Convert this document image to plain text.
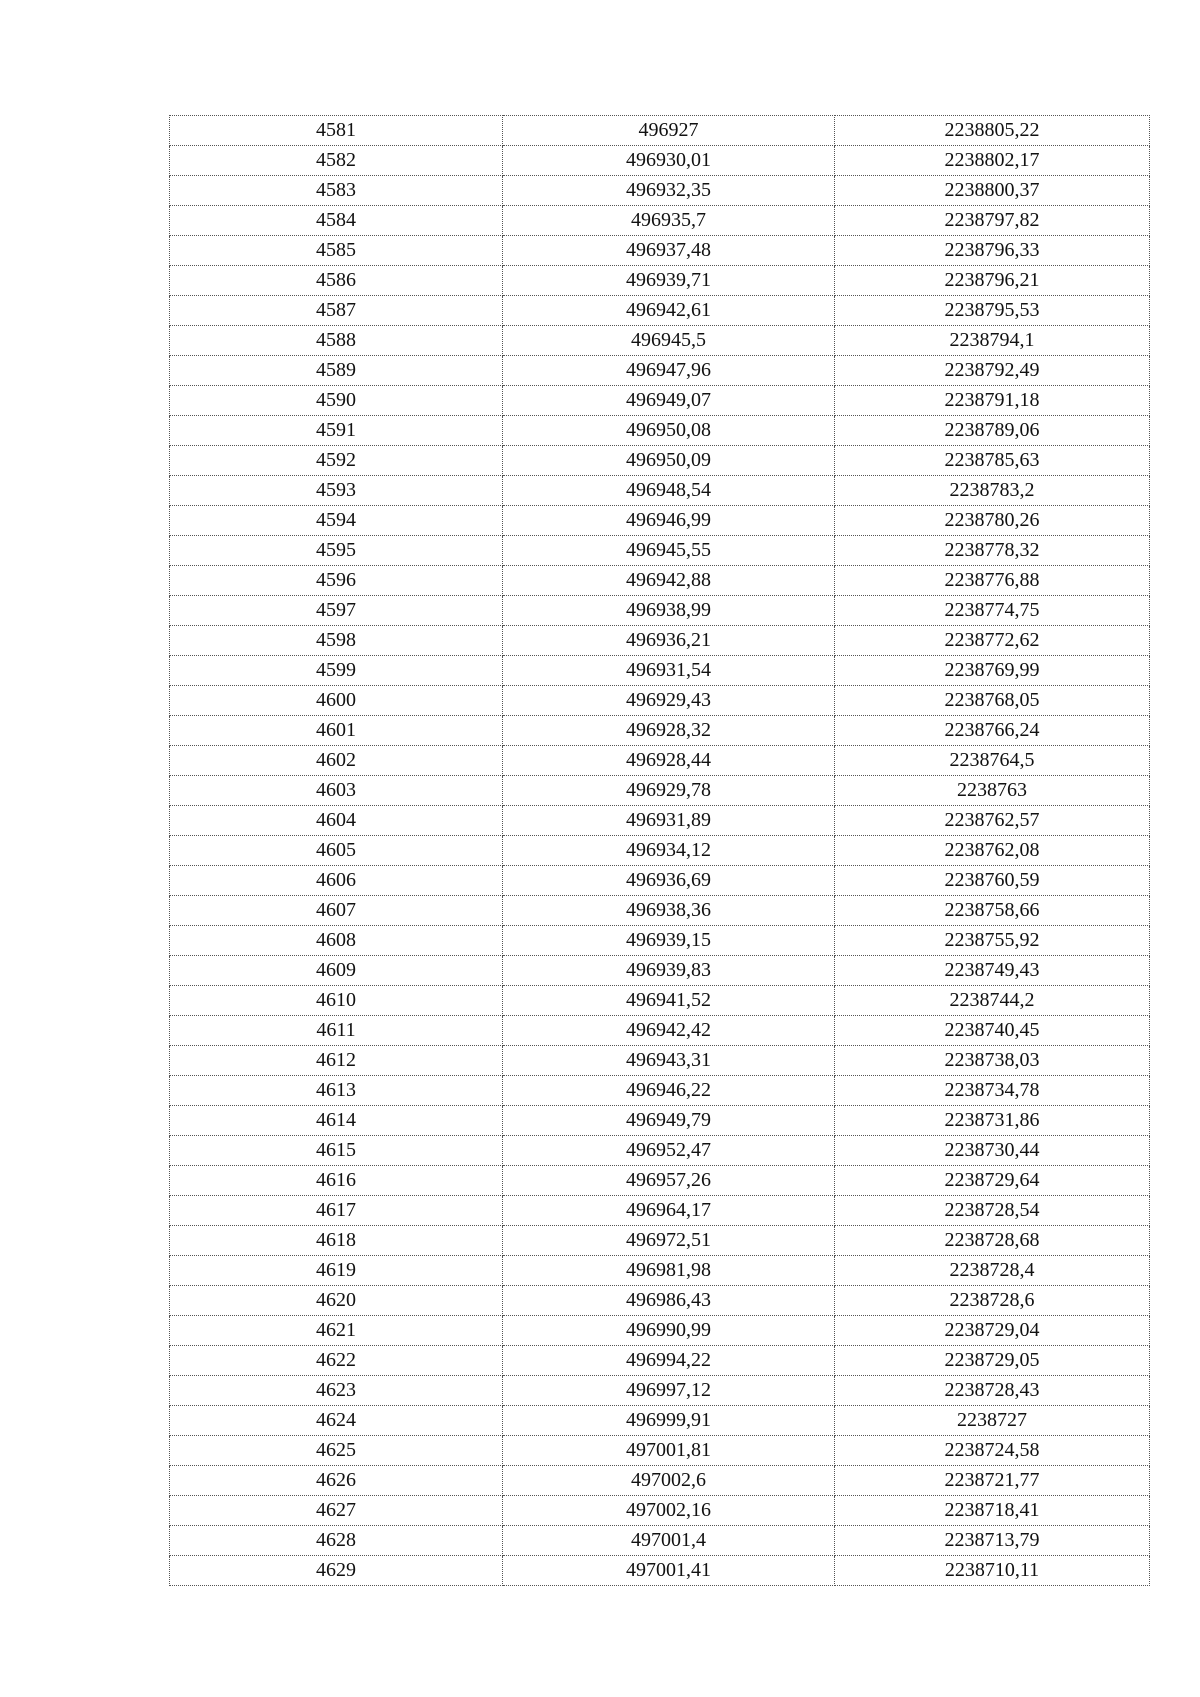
4581	496927	2238805,22
4582	496930,01	2238802,17
4583	496932,35	2238800,37
4584	496935,7	2238797,82
4585	496937,48	2238796,33
4586	496939,71	2238796,21
4587	496942,61	2238795,53
4588	496945,5	2238794,1
4589	496947,96	2238792,49
4590	496949,07	2238791,18
4591	496950,08	2238789,06
4592	496950,09	2238785,63
4593	496948,54	2238783,2
4594	496946,99	2238780,26
4595	496945,55	2238778,32
4596	496942,88	2238776,88
4597	496938,99	2238774,75
4598	496936,21	2238772,62
4599	496931,54	2238769,99
4600	496929,43	2238768,05
4601	496928,32	2238766,24
4602	496928,44	2238764,5
4603	496929,78	2238763
4604	496931,89	2238762,57
4605	496934,12	2238762,08
4606	496936,69	2238760,59
4607	496938,36	2238758,66
4608	496939,15	2238755,92
4609	496939,83	2238749,43
4610	496941,52	2238744,2
4611	496942,42	2238740,45
4612	496943,31	2238738,03
4613	496946,22	2238734,78
4614	496949,79	2238731,86
4615	496952,47	2238730,44
4616	496957,26	2238729,64
4617	496964,17	2238728,54
4618	496972,51	2238728,68
4619	496981,98	2238728,4
4620	496986,43	2238728,6
4621	496990,99	2238729,04
4622	496994,22	2238729,05
4623	496997,12	2238728,43
4624	496999,91	2238727
4625	497001,81	2238724,58
4626	497002,6	2238721,77
4627	497002,16	2238718,41
4628	497001,4	2238713,79
4629	497001,41	2238710,11
